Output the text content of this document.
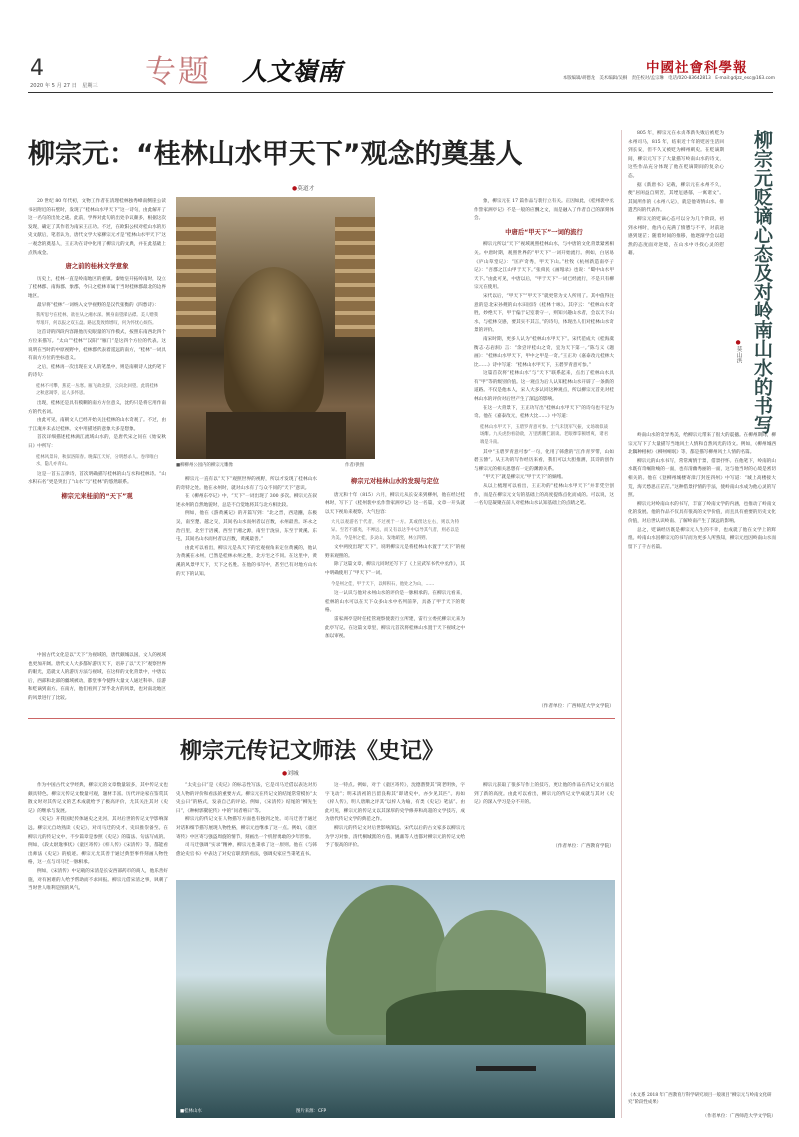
4
2020 年 5 月 27 日　星期三 专题 人文嶺南	中國社會科學報
本版编辑/胡德龙　美术编辑/吴桐　责任校对/孟宗琳　电话/020-83642813　E-mail:gdjzz_esc@163.com
柳宗元：“桂林山水甲天下”观念的奠基人
●莫道才
■柳柳州公园内的柳宗元雕像	作者/供图

20 世纪 80 年代初，文物工作者在清理桂林独秀峰南侧崖公读书岩附近的石壁时，发现了“桂林山水甲天下”这一诗句，由此解开了这一名句的出处之谜。此前，学界对此句的出处争议颇多，根据这次发现，确定了其作者为南宋王正功。不过，在欧阳公权对桂山水的历史文献后，笔者认为，唐代文学大家柳宗元才是“桂林山水甲天下”这一观念的奠基人，王正功在诗中化用了柳宗元的文典，并在此基础上点铁成金。

唐之前的桂林文学意象

历史上，桂林一直是岭南地区的重镇。秦始皇开拓岭南时，设立了桂林郡、南海郡、象郡，今日之桂林市属于当时桂林郡最北的边界地区。

最早将“桂林”一词纳入文学视野的是汉代张衡的《四愁诗》：

我所思兮在桂林，欲往从之湘水深。侧身南望涕沾襟。美人赠我琴琅玕，何以报之双玉盘。路远莫致倚增叹，何为怀忧心烦伤。

这首诗的四段内容跟他历史眼量的写作模式，按照东南西北四个方位来描写。“太山”“桂林”“汉阳”“雁门”是这四个方位的代表。这说明在当时的中原视野中，桂林郡代表着遥远的南方，“桂林”一词具有南方方位的坐标意义。

之后，桂林再一次出现在文人的笔墨中，则是南朝诗人沈约笔下的诗句：

桂林不可攀，蕉花一丛寒。雁飞故北辞，云向北回望。此谓桂林之秋意凋零，远人多怀思。

出现，桂林还是具有模糊的南方方位意义，沈约只是将它用作南方的代名词。

由此可见，南朝文人已经开始关注桂林的山水奇观了。不过，由于江淹并未去过桂林，文中用描述的意象大多是想象。

首次详细描述桂林漓江流域山水的，是唐代宋之问在《始安秋日》中所写：

桂林风景异，秋似洛阳春。晚霁江天好，分明愁杀人。卷帘唯白水，隐几亦青山。

这是一首五言律诗，首次明确描写桂林的山与水和桂林诗。“山水积石名”更是突出了“山水”与“桂林”的悠然联系。

柳宗元来桂前的“天下”观

中国古代文化是以“天下”为视域的，唐代颇城以国，文人的视域也更加开阔。唐代文人大多都好游历天下，语养了以“天下”观察世界的眼光，造就文人的游历方法与视域，在这样的文化背景中，中唐以后，西部和北部的疆域被动，都堂事今使得大量文人通过科举、宦游和贬谪到南方。在南方，他们看到了异乎北方的风景，也对南北地区的风景进行了比较。

柳宗元一直有以“天下”观照世界的视野，所以才发现了桂林山水的奇特之处。他在永州时，就对山水有了与众不同的“天下”意识。

在《柳州东亭记》中，“天下”一词出现了 300 多次。柳宗元在叙述永州的自然地貌时，总是不自觉地将其与北方相比较。

例如，他在《游黄溪记》的开篇写到：“北之晋，西适豳，东极吴，南至楚、越之交，其间名山水而州者以百数，永州最善。环永之治百里，北至于浯溪，西至于湘之源，南至于泷泉，东至于黄溪、东屯，其间名山水而村者以百数，黄溪最善。”

由此可以看出，柳宗元是从天下的宏观视角来定位黄溪的，他认为黄溪在永州，已然是桂林永州之胜，北方宅之不同。在这里中，黄溪的风景甲天下，天下之名胜。在他的书写中，甚至已有对地方山水的天下的认知。

柳宗元对桂林山水的发现与定位

唐元和十年（815）六月，柳宗元从长安来到柳州，他在经过桂林时，写下了《桂州裴中丞作訾家洲亭记》这一名篇，文章一开头就以天下视角来观察，大气包容：

大凡以观游名于代者，不过视于一方。其或傍达左右，则以为特异。至若不鄙夷，不殚远，而又有以达乎中以导其气者，则必以是为美。今是州之桂，多灵山，发地峭竖，林立四野。

文中两度出现“天下”，说明柳宗元是将桂林山水置于“天下”的视野来观照的。

除了这篇文章，柳宗元同时还写下了《上宣武军书代中丞作》，其中明确使用了“甲天下”一词。

今是州之佳，甲于天下，以鲜积石，他处之为山，……

这一认识与他对永州山水的评价是一脉相承的。在柳宗元看来，桂林的山水可以在天下众多山水中名列前茅，具备了甲于天下的资格。

雷家洲亭是时任桂管观察使裴行立所建，雷行立委托柳宗元来为此亭写记。在这篇文章里，柳宗元首次将桂林山水置于天下视域之中加以审视。

象，柳宗元在 17 篇作品与裴行立有关。正因如此，《桂州裴中丞作訾家洲亭记》不是一般的应酬之文，而是融入了作者自己的深刻体会。

中唐后“甲天下”一词的流行

柳宗元所以“天下”视域观照桂林山水，与中唐的文化背景紧密相关。中唐时期，观照世界的“甲天下”一词开始流行。例如，白居易《庐山草堂记》：“匡庐奇秀，甲天下山。”杜牧《杭州新造南亭子记》：“吾郡之江山甲于天下。”张舜民《画墁录》也说：“蜀中山水甲天下。”由此可见，中唐以后，“甲于天下”一词已经流行，不是只有柳宗元在使用。

宋代以后，“甲天下”“甲天下”就更常为文人所用了。其中值得注意的是北宋孙觌的山水田园诗《桂林十咏》。其序云：“桂林山水奇胜，妙绝天下，甲于偏于记室裴守一，则知兴趣山水者，会以天下山水，与桂林交感，要其实不其言，”的诗句，体现出人们对桂林山水奇景的评价。

南宋时期，更多人认为“桂林山水甲天下”。宋代范成大《桂海虞衡志·志岩洞》言：“余尝评桂山之奇，宜为天下第一。”陈与义《题画》：“桂林山水甲天下，甲中之甲是一奇。”王正功《嘉泰改元桂林大比……》诗中写道：“桂林山水甲天下，玉碧罗青意可参。”

这篇首次将“桂林山水”与“天下”联系起来，点出了桂林山水具有“甲”等的级别价值。这一观点为后人认知桂林山水开辟了一条新的道路。不仅是他本人，宋人大多认同这种观点，所以柳宗元首先对桂林山水的评价对后世产生了深远的影响。

在这一大背景下，王正功写出“桂林山水甲天下”的诗句也不足为奇。他在《嘉泰改元，桂林大比……》中写道：

桂林山水甲天下，玉碧罗青意可参。士气未饶军气振，文场端似战场酣。九关虎豹看勍敌，万里鹍鹏伫剧谈。老眼摩挲顿增爽，诸君端是斗南。

其中“玉碧罗青意可参”一句，化用了韩愈的“江作青罗带，山如碧玉簪”。从王功的写作经历来看，我们可以大胆推测，其诗的创作与柳宗元的相关思想有一定的渊源关系。

“甲天下”就是柳宗元“甲于天下”的嫡绪。

从以上梳理可以看出，王正功的“桂林山水甲天下”并非凭空创作，而是在柳宗元文句的基础上的高度提炼点化而成的。可以说，这一名句是凝聚在前人对桂林山水认知基础上的点睛之笔。

（作者单位：广西师范大学文学院）
柳宗元传记文师法《史记》
●刘城

作为中国古代文学经典，柳宗元的文章数量较多，其中传记文也颇具特色。柳宗元传记文数量可观，题材丰富。历代评论家在鉴赏其散文时对其传记文的艺术成就给予了极高评价，尤其关注其对《史记》的继承与发展。

《史记》开我国纪传体通史之先河，其对后世的传记文学影响深远。柳宗元自幼熟读《史记》，对司马迁的史才、史识推崇备至。在柳宗元的传记文中，不少篇章是参照《史记》的篇法、句法写成的。例如，《段太尉逸事状》《童区寄传》《梓人传》《宋清传》等，都能看出师法《史记》的痕迹。柳宗元尤其善于通过典型事件刻画人物性格，这一点与司马迁一脉相承。

例如，《宋清传》中记载的宋清是长安西部药市的商人，他乐善好施，对有困难的人给予帮助而不求回报。柳宗元借宋清之事，讽刺了当时世人唯利是图的风气。

“太史公曰”是《史记》的标志性写法，它是司马迁借以表达对历史人物的评价和看法的重要方式。柳宗元在传记文的结尾常常模仿“太史公曰”的格式，发表自己的评论。例如，《宋清传》结尾的“柳先生曰”，《种树郭橐驼传》中的“问者嘻曰”等。

柳宗元的传记文在人物描写方面也有独到之处。司马迁善于通过对话和细节描写展现人物性格，柳宗元也继承了这一点。例如，《童区寄传》中区寄与强盗周旋的情节，刻画出一个机智勇敢的少年形象。

司马迁强调“实录”精神，柳宗元也秉承了这一原则。他在《与韩愈论史官书》中表达了对史官职责的看法，强调史家应当秉笔直书。

这一特点。例如，对于《童区寄传》，沈德潜赞其“简老明快，字字飞动”；明末清初的吕留良称其“即诸史中，亦少见其匹”。再如《梓人传》，明人唐顺之评其“以梓人为喻，有类《史记》笔法”。由此可见，柳宗元的传记文以其深厚的史学修养和高超的文学技巧，成为唐代传记文学的典范之作。

柳宗元的传记文对后世影响深远。宋代以后的古文家多以柳宗元为学习对象，清代桐城派的方苞、姚鼐等人也都对柳宗元的传记文给予了很高的评价。

柳宗元获取了很多写作上的技巧，更让他的作品在传记文方面达到了新的高度。由此可以看出，柳宗元的传记文学成就与其对《史记》的深入学习是分不开的。

（作者单位：广西教育学院）
■桂林山水	图片来源：CFP
柳宗元贬谪心态及对岭南山水的书写
●莫山洪

805 年，柳宗元在永贞革新失败后被贬为永州司马，815 年，结束近十年的贬居生活回到长安，但不久又被贬为柳州刺史。在贬谪期间，柳宗元写下了大量描写岭南山水的诗文，这些作品充分体现了他在贬谪期间的复杂心态。

据《新唐书》记载，柳宗元在永州不久，便“居闲益自刻苦，其堙厄感郁，一寓诸文”。其间所作的《永州八记》，就是他寄情山水、排遣苦闷的代表作。

柳宗元的贬谪心态可以分为几个阶段。初到永州时，他内心充满了愤懑与不平，对前途感到迷茫；随着时间的推移，他逐渐学会以超然的态度面对逆境，在山水中寻找心灵的慰藉。

岭南山水的奇异秀美，给柳宗元带来了很大的震撼。在柳州期间，柳宗元写下了大量描写当地风土人情和自然风光的诗文。例如，《柳州城西北隅种柑树》《柳州峒氓》等，都是描写柳州风土人情的名篇。

柳宗元的山水书写，常常寓情于景，借景抒怀。在他笔下，岭南的山水既有奇崛险峻的一面，也有清幽秀丽的一面，这与他当时的心境是密切相关的。他在《登柳州城楼寄漳汀封连四州》中写道：“城上高楼接大荒，海天愁思正茫茫。”这种借景抒情的手法，使岭南山水成为他心灵的写照。

柳宗元对岭南山水的书写，丰富了岭南文学的内涵，也推动了岭南文化的发展。他的作品不仅具有很高的文学价值，而且具有重要的历史文化价值，对后世认识岭南、了解岭南产生了深远的影响。

总之，贬谪经历既是柳宗元人生的不幸，也成就了他在文学上的辉煌。岭南山水因柳宗元的书写而为更多人所熟知，柳宗元也因岭南山水而留下了千古名篇。

（本文系 2018 年广西教育厅科学研究项目一般项目“柳宗元与岭南文化研究”阶段性成果）
（作者单位：广西师范大学文学院）
